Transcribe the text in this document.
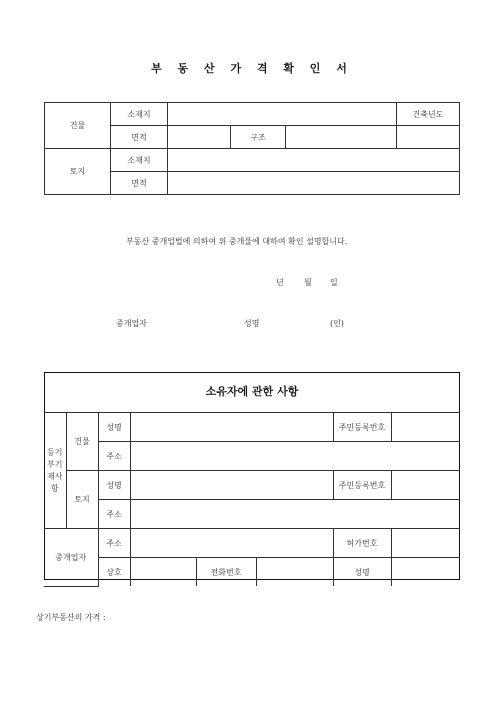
부 동 산 가 격 확 인 서
건물	소재지				건축년도
	면적		구조		
토지	소재지				
	면적				
부동산 중개업법에 의하여 위 중개물에 대하여 확인 설명합니다.
년	월 일
중개업자	성명	(인)
소유자에 관한 사항
등기
부기
재사
항	건물	성명				주민등록번호	
		주소					
	토지	성명				주민등록번호	
		주소					
중개업자		주소				허가번호	
		상호		전화번호		성명	
상기부동산의 가격 :
